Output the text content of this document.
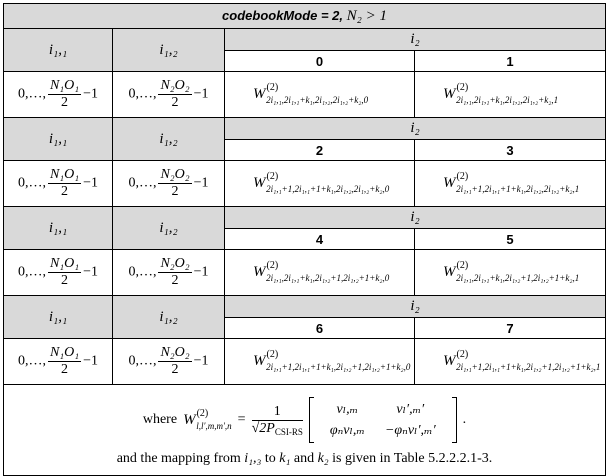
codebookMode = 2, N₂ > 1
i₁,₁	i₁,₂	i₂
0	1
0,…, $\frac{\text{N₁O₁}}{2} -1$	0,…, $\frac{\text{N₂O₂}}{2} -1$	$W^{(2)}_{2i_1,_1,2i_1,_1+k_1,2i_1,_2,2i_1,_2+k_2,0}$	$W^{(2)}_{2i_1,_1,2i_1,_1+k_1,2i_1,_2,2i_1,_2+k_2,1}$
i₁,₁	i₁,₂	i₂
2	3
0,…, $\frac{\text{N₁O₁}}{2} -1$	0,…, $\frac{\text{N₂O₂}}{2} -1$	$W^{(2)}_{2i_1,_1+1,2i_1,_1+1+k_1,2i_1,_2,2i_1,_2+k_2,0}$	$W^{(2)}_{2i_1,_1+1,2i_1,_1+1+k_1,2i_1,_2,2i_1,_2+k_2,1}$
i₁,₁	i₁,₂	i₂
4	5
0,…, $\frac{\text{N₁O₁}}{2} -1$	0,…, $\frac{\text{N₂O₂}}{2} -1$	$W^{(2)}_{2i_1,_1,2i_1,_1+k_1,2i_1,_2+1,2i_1,_2+1+k_2,0}$	$W^{(2)}_{2i_1,_1,2i_1,_1+k_1,2i_1,_2+1,2i_1,_2+1+k_2,1}$
i₁,₁	i₁,₂	i₂
6	7
0,…, $\frac{\text{N₁O₁}}{2} -1$	0,…, $\frac{\text{N₂O₂}}{2} -1$	$W^{(2)}_{2i_1,_1+1,2i_1,_1+1+k_1,2i_1,_2+1,2i_1,_2+1+k_2,0}$	$W^{(2)}_{2i_1,_1+1,2i_1,_1+1+k_1,2i_1,_2+1,2i_1,_2+1+k_2,1}$

where $W^{(2)}_{l,l',m,m',n}$ =
1
$√2P_{CSI-RS}$
vₗ,ₘ	vₗ′,ₘ′
φₙvₗ,ₘ	−φₙvₗ′,ₘ′
.
and the mapping from i₁,₃ to k₁ and k₂ is given in Table 5.2.2.2.1-3.
